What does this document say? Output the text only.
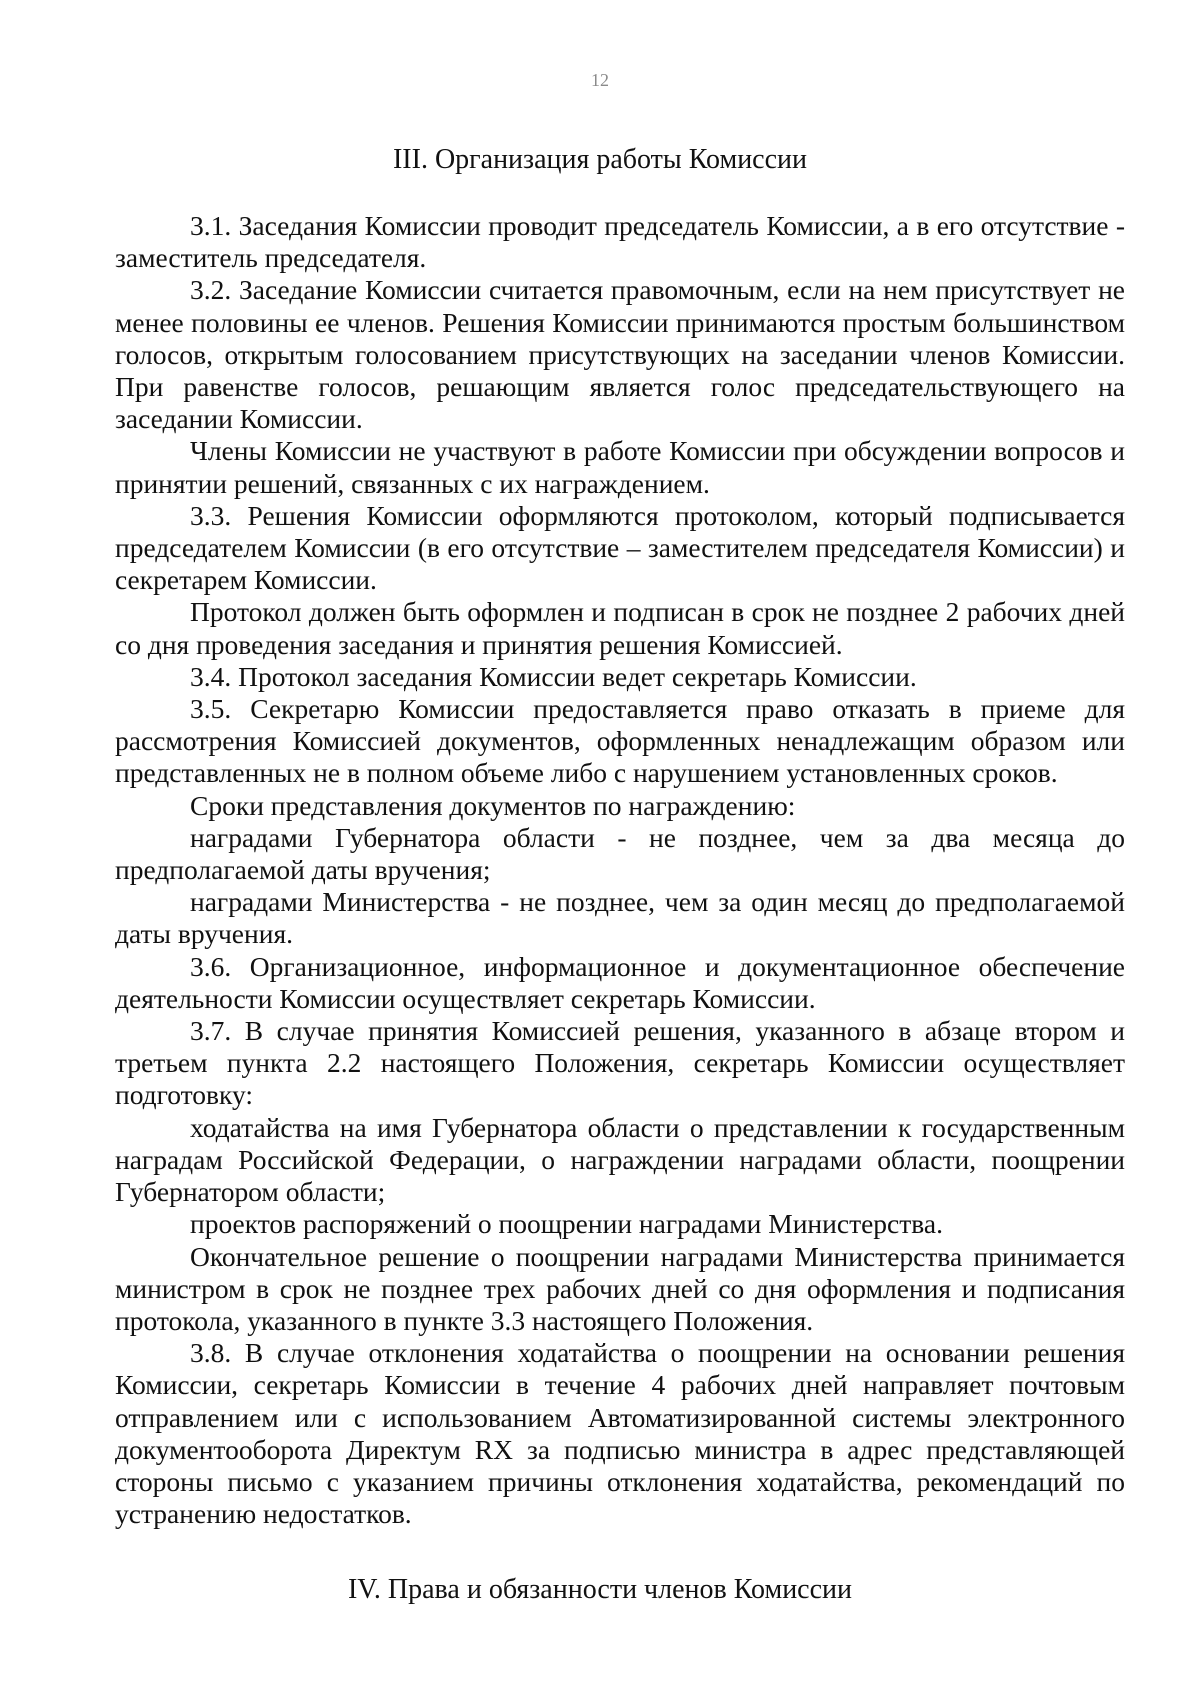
12
III. Организация работы Комиссии

3.1. Заседания Комиссии проводит председатель Комиссии, а в его отсутствие - заместитель председателя.

3.2. Заседание Комиссии считается правомочным, если на нем присутствует не менее половины ее членов. Решения Комиссии принимаются простым большинством голосов, открытым голосованием присутствующих на заседании членов Комиссии. При равенстве голосов, решающим является голос председательствующего на заседании Комиссии.

Члены Комиссии не участвуют в работе Комиссии при обсуждении вопросов и принятии решений, связанных с их награждением.

3.3. Решения Комиссии оформляются протоколом, который подписывается председателем Комиссии (в его отсутствие – заместителем председателя Комиссии) и секретарем Комиссии.

Протокол должен быть оформлен и подписан в срок не позднее 2 рабочих дней со дня проведения заседания и принятия решения Комиссией.

3.4. Протокол заседания Комиссии ведет секретарь Комиссии.

3.5. Секретарю Комиссии предоставляется право отказать в приеме для рассмотрения Комиссией документов, оформленных ненадлежащим образом или представленных не в полном объеме либо с нарушением установленных сроков.

Сроки представления документов по награждению:

наградами Губернатора области - не позднее, чем за два месяца до предполагаемой даты вручения;

наградами Министерства - не позднее, чем за один месяц до предполагаемой даты вручения.

3.6. Организационное, информационное и документационное обеспечение деятельности Комиссии осуществляет секретарь Комиссии.

3.7. В случае принятия Комиссией решения, указанного в абзаце втором и третьем пункта 2.2 настоящего Положения, секретарь Комиссии осуществляет подготовку:

ходатайства на имя Губернатора области о представлении к государственным наградам Российской Федерации, о награждении наградами области, поощрении Губернатором области;

проектов распоряжений о поощрении наградами Министерства.

Окончательное решение о поощрении наградами Министерства принимается министром в срок не позднее трех рабочих дней со дня оформления и подписания протокола, указанного в пункте 3.3 настоящего Положения.

3.8. В случае отклонения ходатайства о поощрении на основании решения Комиссии, секретарь Комиссии в течение 4 рабочих дней направляет почтовым отправлением или с использованием Автоматизированной системы электронного документооборота Директум RX за подписью министра в адрес представляющей стороны письмо с указанием причины отклонения ходатайства, рекомендаций по устранению недостатков.

IV. Права и обязанности членов Комиссии
